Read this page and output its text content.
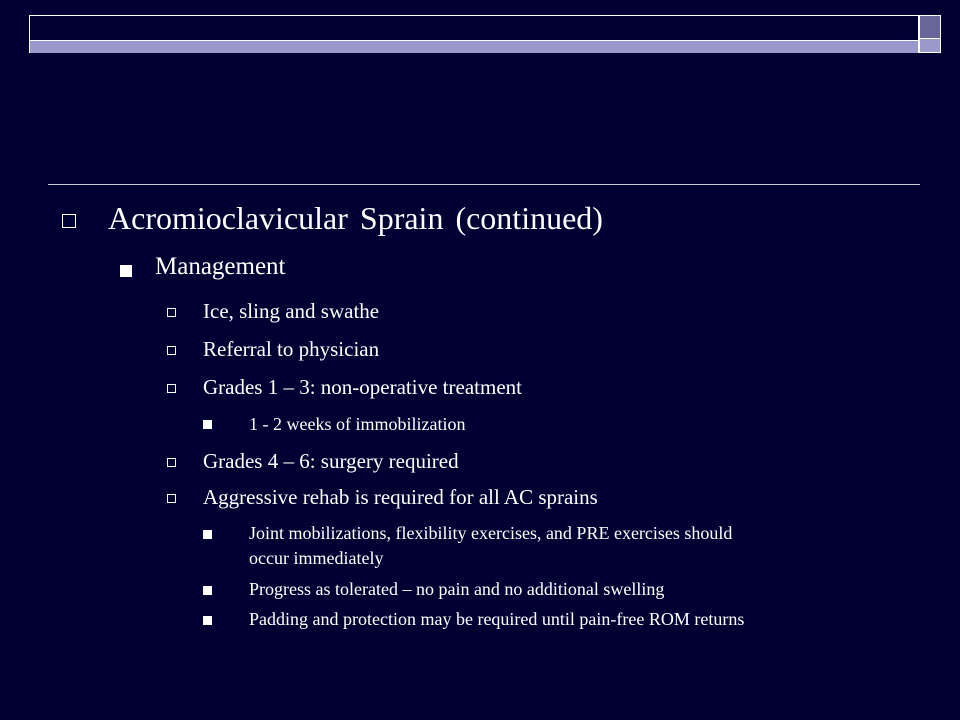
Acromioclavicular Sprain (continued)
Management
Ice, sling and swathe
Referral to physician
Grades 1 – 3: non-operative treatment
1 - 2 weeks of immobilization
Grades 4 – 6: surgery required
Aggressive rehab is required for all AC sprains
Joint mobilizations, flexibility exercises, and PRE exercises should
occur immediately
Progress as tolerated – no pain and no additional swelling
Padding and protection may be required until pain-free ROM returns
